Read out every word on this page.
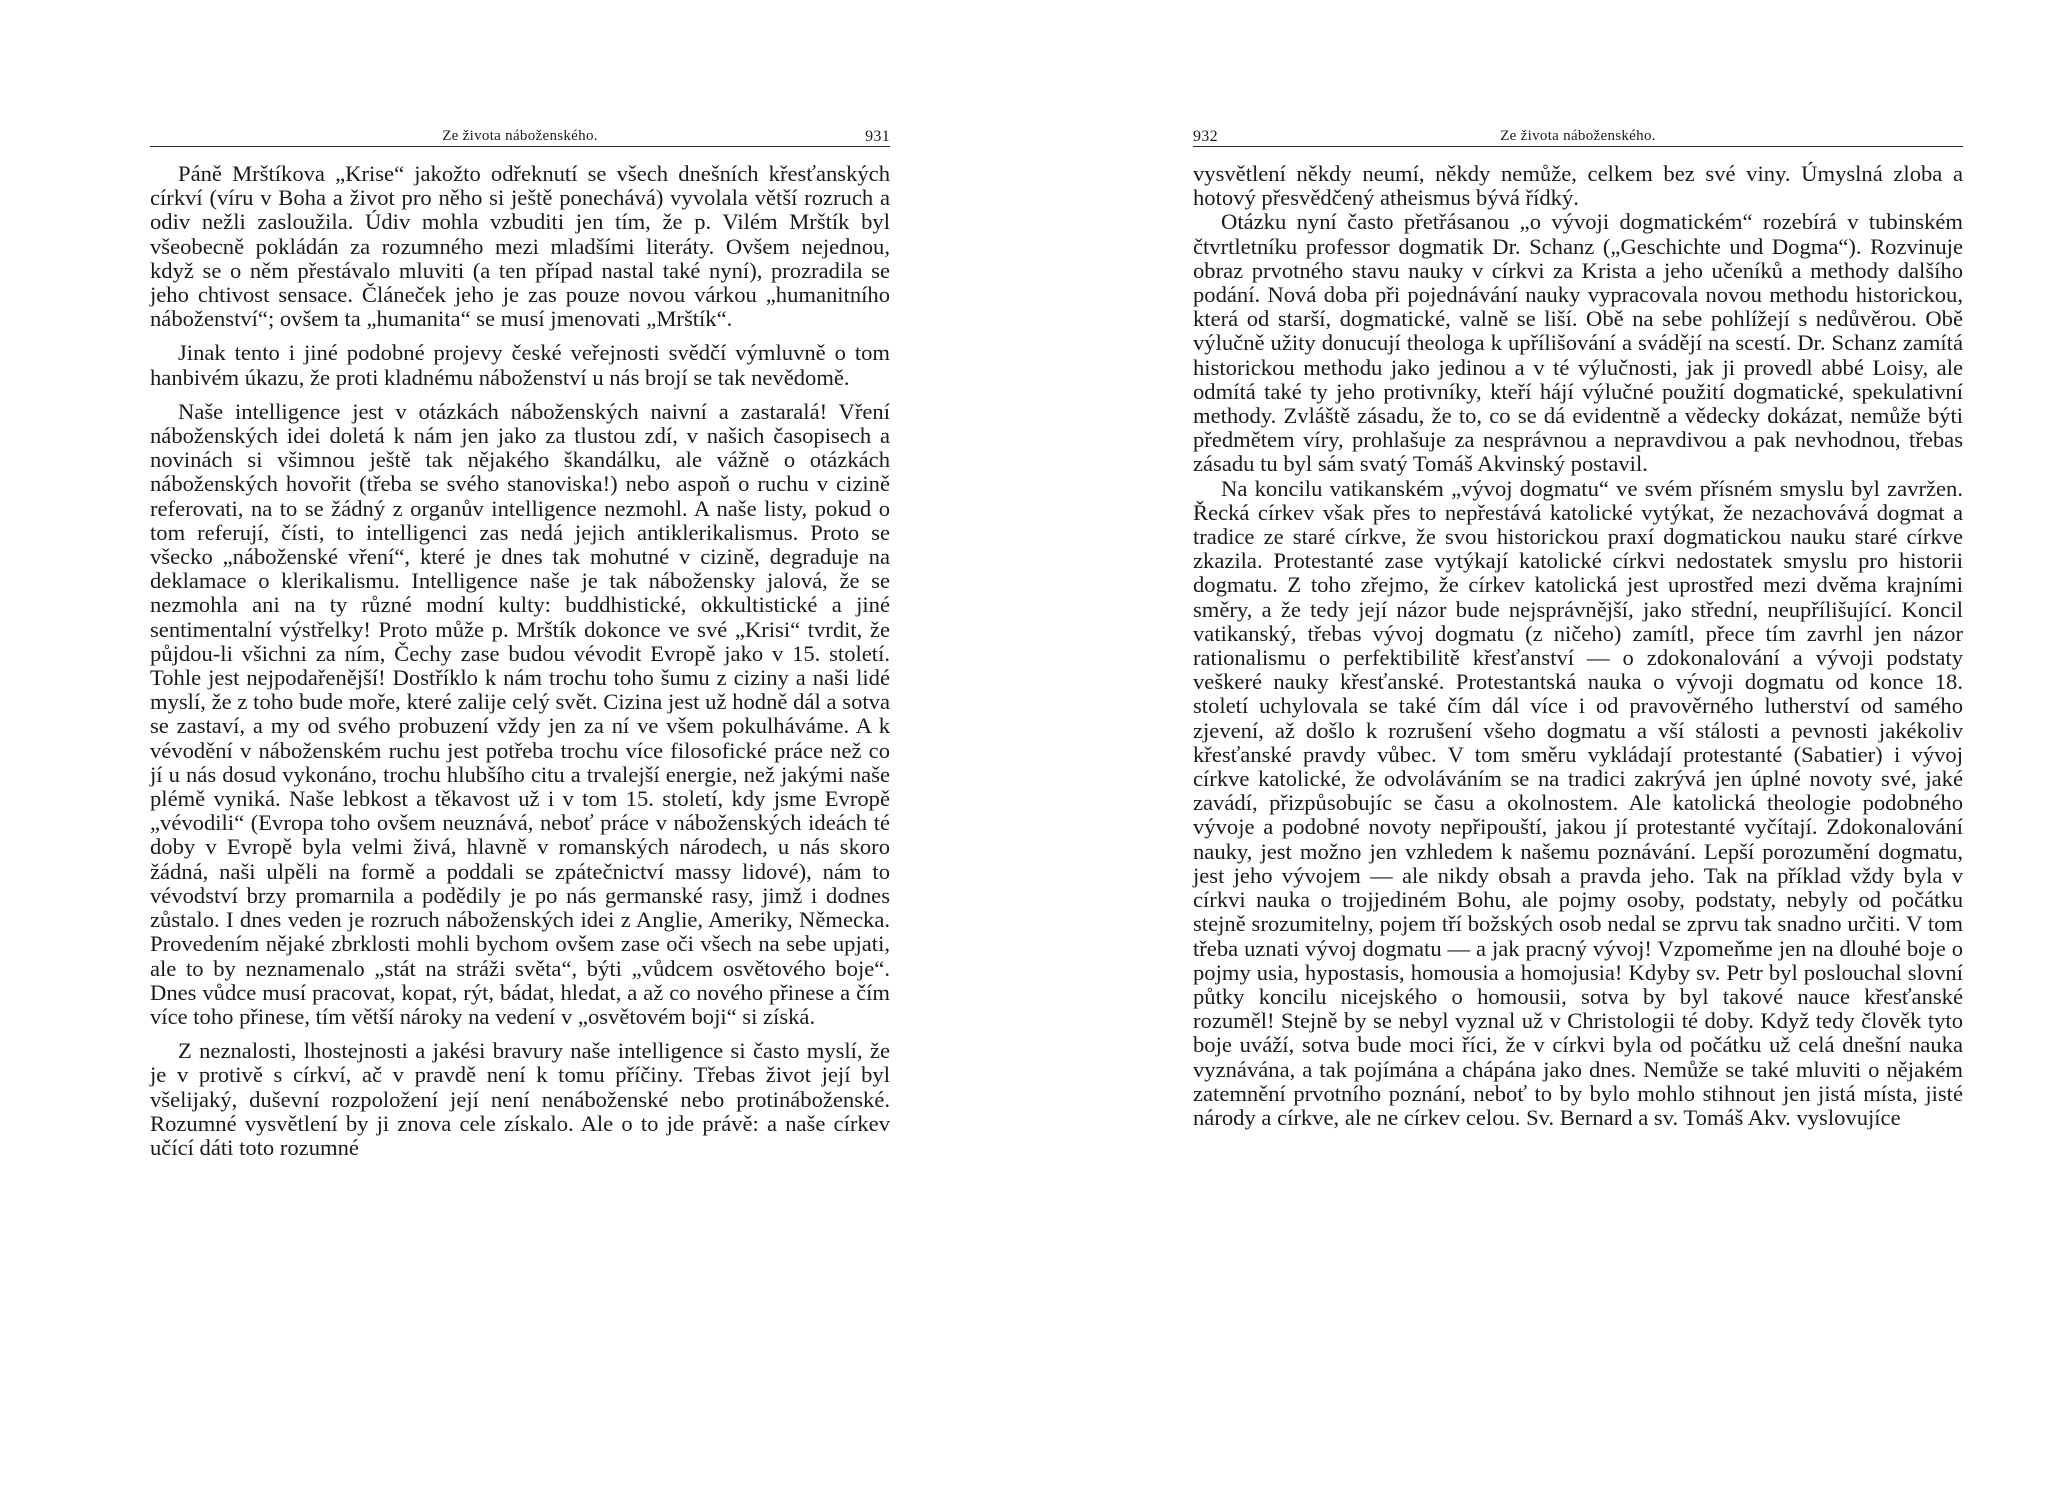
Ze života náboženského.	931

Páně Mrštíkova „Krise“ jakožto odřeknutí se všech dnešních křesťanských církví (víru v Boha a život pro něho si ještě ponechává) vyvolala větší rozruch a odiv nežli zasloužila. Údiv mohla vzbuditi jen tím, že p. Vilém Mrštík byl všeobecně pokládán za rozumného mezi mladšími literáty. Ovšem nejednou, když se o něm přestávalo mluviti (a ten případ nastal také nyní), prozradila se jeho chtivost sensace. Článeček jeho je zas pouze novou várkou „humanitního náboženství“; ovšem ta „humanita“ se musí jmenovati „Mrštík“.

Jinak tento i jiné podobné projevy české veřejnosti svědčí výmluvně o tom hanbivém úkazu, že proti kladnému náboženství u nás brojí se tak nevědomě.

Naše intelligence jest v otázkách náboženských naivní a zastaralá! Vření náboženských idei doletá k nám jen jako za tlustou zdí, v našich časopisech a novinách si všimnou ještě tak nějakého škandálku, ale vážně o otázkách náboženských hovořit (třeba se svého stanoviska!) nebo aspoň o ruchu v cizině referovati, na to se žádný z organův intelligence nezmohl. A naše listy, pokud o tom referují, čísti, to intelligenci zas nedá jejich antiklerikalismus. Proto se všecko „náboženské vření“, které je dnes tak mohutné v cizině, degraduje na deklamace o klerikalismu. Intelligence naše je tak nábožensky jalová, že se nezmohla ani na ty různé modní kulty: buddhistické, okkultistické a jiné sentimentalní výstřelky! Proto může p. Mrštík dokonce ve své „Krisi“ tvrdit, že půjdou-li všichni za ním, Čechy zase budou vévodit Evropě jako v 15. století. Tohle jest nejpodařenější! Dostříklo k nám trochu toho šumu z ciziny a naši lidé myslí, že z toho bude moře, které zalije celý svět. Cizina jest už hodně dál a sotva se zastaví, a my od svého probuzení vždy jen za ní ve všem pokulháváme. A k vévodění v náboženském ruchu jest potřeba trochu více filosofické práce než co jí u nás dosud vykonáno, trochu hlubšího citu a trvalejší energie, než jakými naše plémě vyniká. Naše lebkost a těkavost už i v tom 15. století, kdy jsme Evropě „vévodili“ (Evropa toho ovšem neuznává, neboť práce v náboženských ideách té doby v Evropě byla velmi živá, hlavně v romanských národech, u nás skoro žádná, naši ulpěli na formě a poddali se zpátečnictví massy lidové), nám to vévodství brzy promarnila a podědily je po nás germanské rasy, jimž i dodnes zůstalo. I dnes veden je rozruch náboženských idei z Anglie, Ameriky, Německa. Provedením nějaké zbrklosti mohli bychom ovšem zase oči všech na sebe upjati, ale to by neznamenalo „stát na stráži světa“, býti „vůdcem osvětového boje“. Dnes vůdce musí pracovat, kopat, rýt, bádat, hledat, a až co nového přinese a čím více toho přinese, tím větší nároky na vedení v „osvětovém boji“ si získá.

Z neznalosti, lhostejnosti a jakési bravury naše intelligence si často myslí, že je v protivě s církví, ač v pravdě není k tomu příčiny. Třebas život její byl všelijaký, duševní rozpoložení její není nenáboženské nebo protináboženské. Rozumné vysvětlení by ji znova cele získalo. Ale o to jde právě: a naše církev učící dáti toto rozumné

932	Ze života náboženského.

vysvětlení někdy neumí, někdy nemůže, celkem bez své viny. Úmyslná zloba a hotový přesvědčený atheismus bývá řídký.

Otázku nyní často přetřásanou „o vývoji dogmatickém“ rozebírá v tubinském čtvrtletníku professor dogmatik Dr. Schanz („Geschichte und Dogma“). Rozvinuje obraz prvotného stavu nauky v církvi za Krista a jeho učeníků a methody dalšího podání. Nová doba při pojednávání nauky vypracovala novou methodu historickou, která od starší, dogmatické, valně se liší. Obě na sebe pohlížejí s nedůvěrou. Obě výlučně užity donucují theologa k upřílišování a svádějí na scestí. Dr. Schanz zamítá historickou methodu jako jedinou a v té výlučnosti, jak ji provedl abbé Loisy, ale odmítá také ty jeho protivníky, kteří hájí výlučné použití dogmatické, spekulativní methody. Zvláště zásadu, že to, co se dá evidentně a vědecky dokázat, nemůže býti předmětem víry, prohlašuje za nesprávnou a nepravdivou a pak nevhodnou, třebas zásadu tu byl sám svatý Tomáš Akvinský postavil.

Na koncilu vatikanském „vývoj dogmatu“ ve svém přísném smyslu byl zavržen. Řecká církev však přes to nepřestává katolické vytýkat, že nezachovává dogmat a tradice ze staré církve, že svou historickou praxí dogmatickou nauku staré církve zkazila. Protestanté zase vytýkají katolické církvi nedostatek smyslu pro historii dogmatu. Z toho zřejmo, že církev katolická jest uprostřed mezi dvěma krajními směry, a že tedy její názor bude nejsprávnější, jako střední, neupřílišující. Koncil vatikanský, třebas vývoj dogmatu (z ničeho) zamítl, přece tím zavrhl jen názor rationalismu o perfektibilitě křesťanství — o zdokonalování a vývoji podstaty veškeré nauky křesťanské. Protestantská nauka o vývoji dogmatu od konce 18. století uchylovala se také čím dál více i od pravověrného lutherství od samého zjevení, až došlo k rozrušení všeho dogmatu a vší stálosti a pevnosti jakékoliv křesťanské pravdy vůbec. V tom směru vykládají protestanté (Sabatier) i vývoj církve katolické, že odvoláváním se na tradici zakrývá jen úplné novoty své, jaké zavádí, přizpůsobujíc se času a okolnostem. Ale katolická theologie podobného vývoje a podobné novoty nepřipouští, jakou jí protestanté vyčítají. Zdokonalování nauky, jest možno jen vzhledem k našemu poznávání. Lepší porozumění dogmatu, jest jeho vývojem — ale nikdy obsah a pravda jeho. Tak na příklad vždy byla v církvi nauka o trojjediném Bohu, ale pojmy osoby, podstaty, nebyly od počátku stejně srozumitelny, pojem tří božských osob nedal se zprvu tak snadno určiti. V tom třeba uznati vývoj dogmatu — a jak pracný vývoj! Vzpomeňme jen na dlouhé boje o pojmy usia, hypostasis, homousia a homojusia! Kdyby sv. Petr byl poslouchal slovní půtky koncilu nicejského o homousii, sotva by byl takové nauce křesťanské rozuměl! Stejně by se nebyl vyznal už v Christologii té doby. Když tedy člověk tyto boje uváží, sotva bude moci říci, že v církvi byla od počátku už celá dnešní nauka vyznávána, a tak pojímána a chápána jako dnes. Nemůže se také mluviti o nějakém zatemnění prvotního poznání, neboť to by bylo mohlo stihnout jen jistá místa, jisté národy a církve, ale ne církev celou. Sv. Bernard a sv. Tomáš Akv. vyslovujíce
